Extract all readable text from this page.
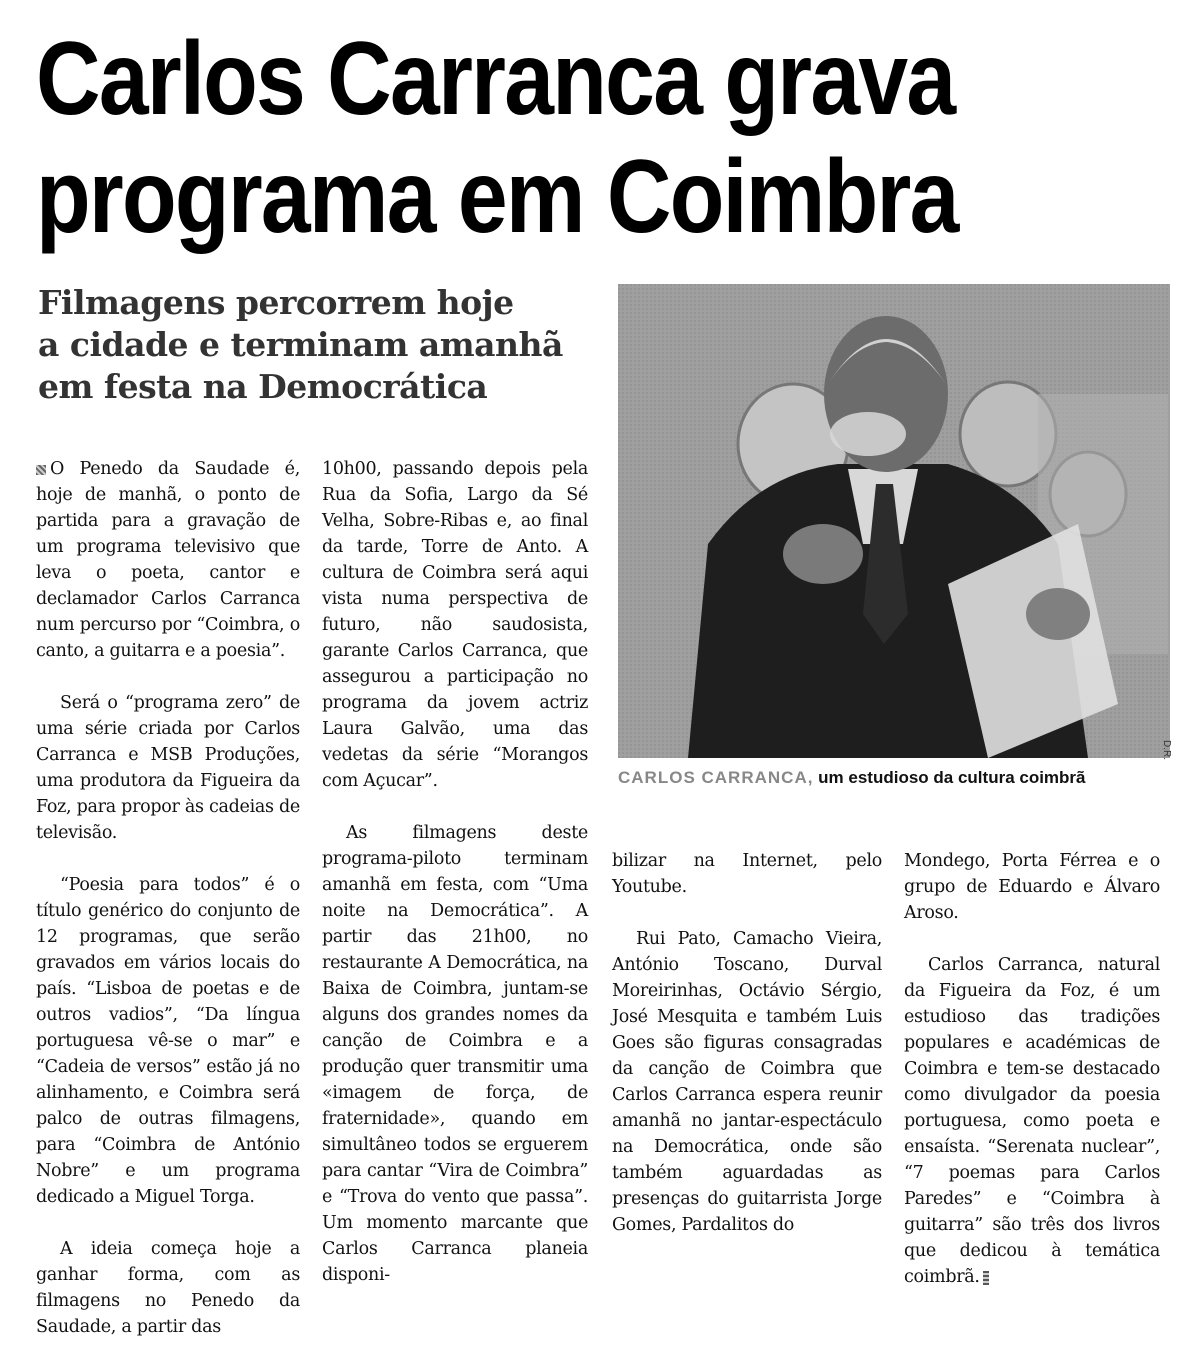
Carlos Carranca grava
programa em Coimbra
Filmagens percorrem hoje
a cidade e terminam amanhã
em festa na Democrática

O Penedo da Saudade é, hoje de manhã, o ponto de partida para a gravação de um programa televisivo que leva o poeta, cantor e declamador Carlos Carranca num percurso por “Coimbra, o canto, a guitarra e a poesia”.

Será o “programa zero” de uma série criada por Carlos Carranca e MSB Produções, uma produtora da Figueira da Foz, para propor às cadeias de televisão.

“Poesia para todos” é o título genérico do conjunto de 12 programas, que serão gravados em vários locais do país. “Lisboa de poetas e de outros vadios”, “Da língua portuguesa vê-se o mar” e “Cadeia de versos” estão já no alinhamento, e Coimbra será palco de outras filmagens, para “Coimbra de António Nobre” e um programa dedicado a Miguel Torga.

A ideia começa hoje a ganhar forma, com as filmagens no Penedo da Saudade, a partir das

10h00, passando depois pela Rua da Sofia, Largo da Sé Velha, Sobre-Ribas e, ao final da tarde, Torre de Anto. A cultura de Coimbra será aqui vista numa perspectiva de futuro, não saudosista, garante Carlos Carranca, que assegurou a participação no programa da jovem actriz Laura Galvão, uma das vedetas da série “Morangos com Açucar”.

As filmagens deste programa-piloto terminam amanhã em festa, com “Uma noite na Democrática”. A partir das 21h00, no restaurante A Democrática, na Baixa de Coimbra, juntam-se alguns dos grandes nomes da canção de Coimbra e a produção quer transmitir uma «imagem de força, de fraternidade», quando em simultâneo todos se erguerem para cantar “Vira de Coimbra” e “Trova do vento que passa”. Um momento marcante que Carlos Carranca planeia disponi-

D.R.
CARLOS CARRANCA, um estudioso da cultura coimbrã

bilizar na Internet, pelo Youtube.

Rui Pato, Camacho Vieira, António Toscano, Durval Moreirinhas, Octávio Sérgio, José Mesquita e também Luis Goes são figuras consagradas da canção de Coimbra que Carlos Carranca espera reunir amanhã no jantar-espectáculo na Democrática, onde são também aguardadas as presenças do guitarrista Jorge Gomes, Pardalitos do

Mondego, Porta Férrea e o grupo de Eduardo e Álvaro Aroso.

Carlos Carranca, natural da Figueira da Foz, é um estudioso das tradições populares e académicas de Coimbra e tem-se destacado como divulgador da poesia portuguesa, como poeta e ensaísta. “Serenata nuclear”, “7 poemas para Carlos Paredes” e “Coimbra à guitarra” são três dos livros que dedicou à temática coimbrã.
